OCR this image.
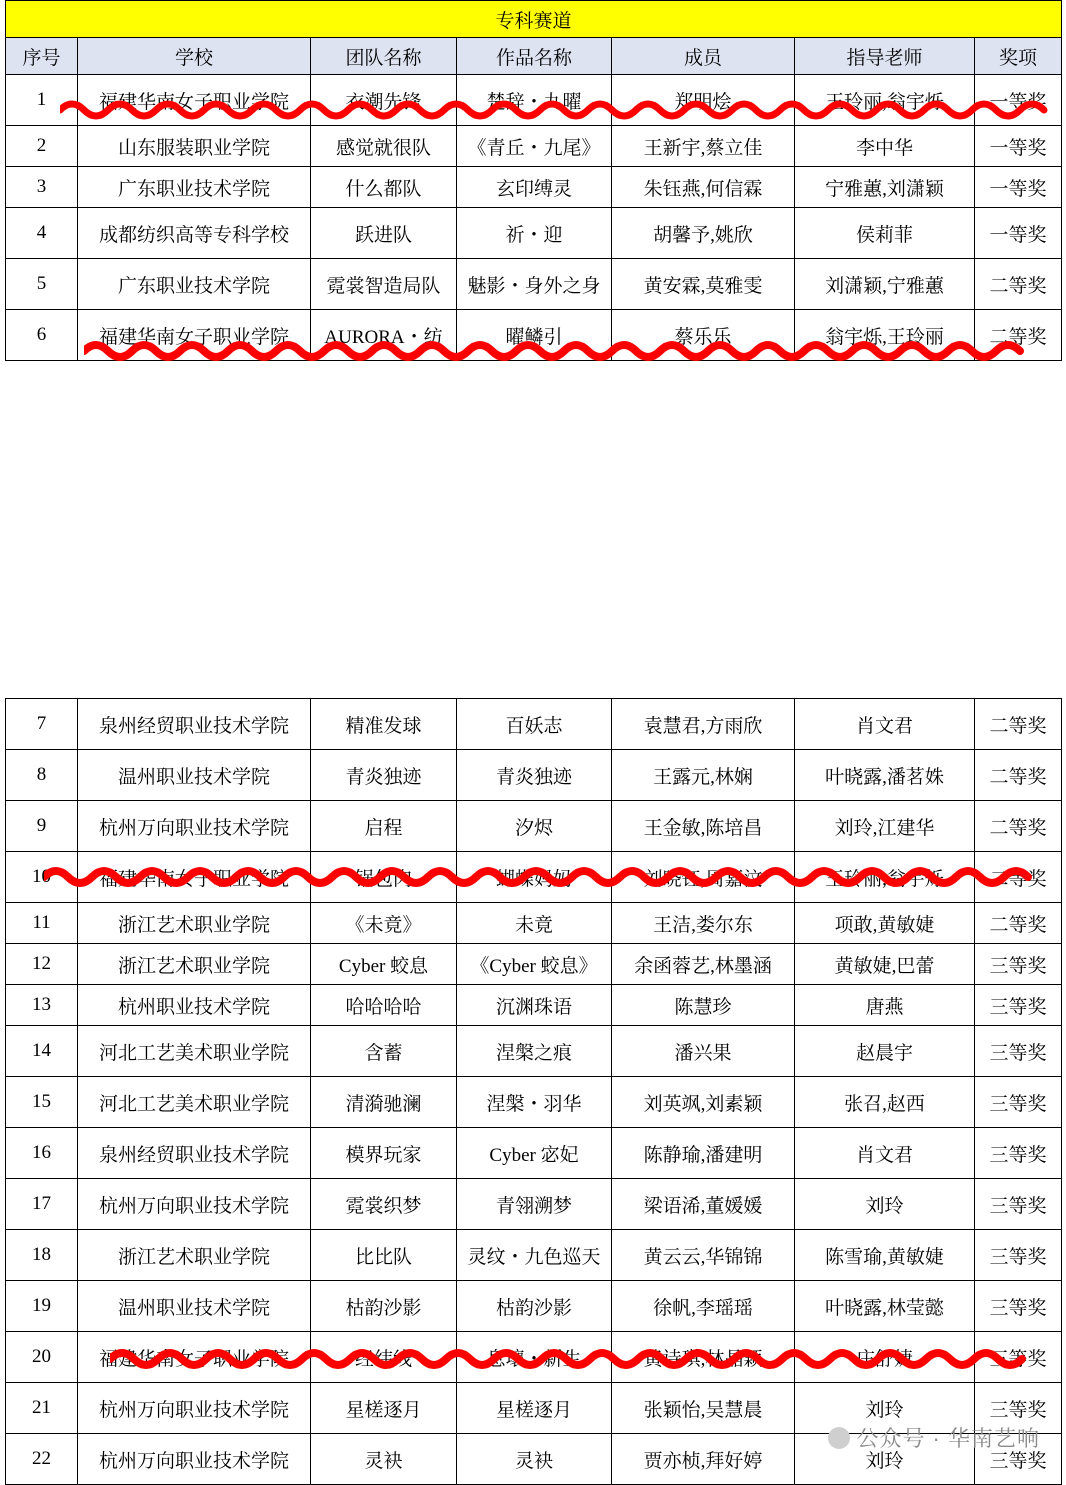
专科赛道						
序号	学校	团队名称	作品名称	成员	指导老师	奖项
1	福建华南女子职业学院	衣潮先锋	楚辞・九曜	郑明烩	王玲丽,翁宇烁	一等奖
2	山东服装职业学院	感觉就很队	《青丘・九尾》	王新宇,蔡立佳	李中华	一等奖
3	广东职业技术学院	什么都队	玄印缚灵	朱钰燕,何信霖	宁雅蕙,刘潇颖	一等奖
4	成都纺织高等专科学校	跃进队	祈・迎	胡馨予,姚欣	侯莉菲	一等奖
5	广东职业技术学院	霓裳智造局队	魅影・身外之身	黄安霖,莫雅雯	刘潇颖,宁雅蕙	二等奖
6	福建华南女子职业学院	AURORA・纺	曜鳞引	蔡乐乐	翁宇烁,王玲丽	二等奖
7	泉州经贸职业技术学院	精准发球	百妖志	袁慧君,方雨欣	肖文君	二等奖
8	温州职业技术学院	青炎独迹	青炎独迹	王露元,林娴	叶晓露,潘茗姝	二等奖
9	杭州万向职业技术学院	启程	汐烬	王金敏,陈培昌	刘玲,江建华	二等奖
10	福建华南女子职业学院	锅包肉	蝴蝶妈妈	刘晓钰,周嘉汶	王玲丽,翁宇烁	二等奖
11	浙江艺术职业学院	《未竟》	未竟	王洁,娄尔东	项敢,黄敏婕	二等奖
12	浙江艺术职业学院	Cyber 蛟息	《Cyber 蛟息》	余函蓉艺,林墨涵	黄敏婕,巴蕾	三等奖
13	杭州职业技术学院	哈哈哈哈	沉渊珠语	陈慧珍	唐燕	三等奖
14	河北工艺美术职业学院	含蓄	涅槃之痕	潘兴果	赵晨宇	三等奖
15	河北工艺美术职业学院	清漪驰澜	涅槃・羽华	刘英飒,刘素颖	张召,赵西	三等奖
16	泉州经贸职业技术学院	模界玩家	Cyber 宓妃	陈静瑜,潘建明	肖文君	三等奖
17	杭州万向职业技术学院	霓裳织梦	青翎溯梦	梁语浠,董媛媛	刘玲	三等奖
18	浙江艺术职业学院	比比队	灵纹・九色巡天	黄云云,华锦锦	陈雪瑜,黄敏婕	三等奖
19	温州职业技术学院	枯韵沙影	枯韵沙影	徐帆,李瑶瑶	叶晓露,林莹懿	三等奖
20	福建华南女子职业学院	经纬线	息壤・新生	黄诗琪,林晶颖	庄舒婕	三等奖
21	杭州万向职业技术学院	星槎逐月	星槎逐月	张颖怡,吴慧晨	刘玲	三等奖
22	杭州万向职业技术学院	灵袂	灵袂	贾亦桢,拜好婷	刘玲	三等奖
公众号 · 华南艺响
